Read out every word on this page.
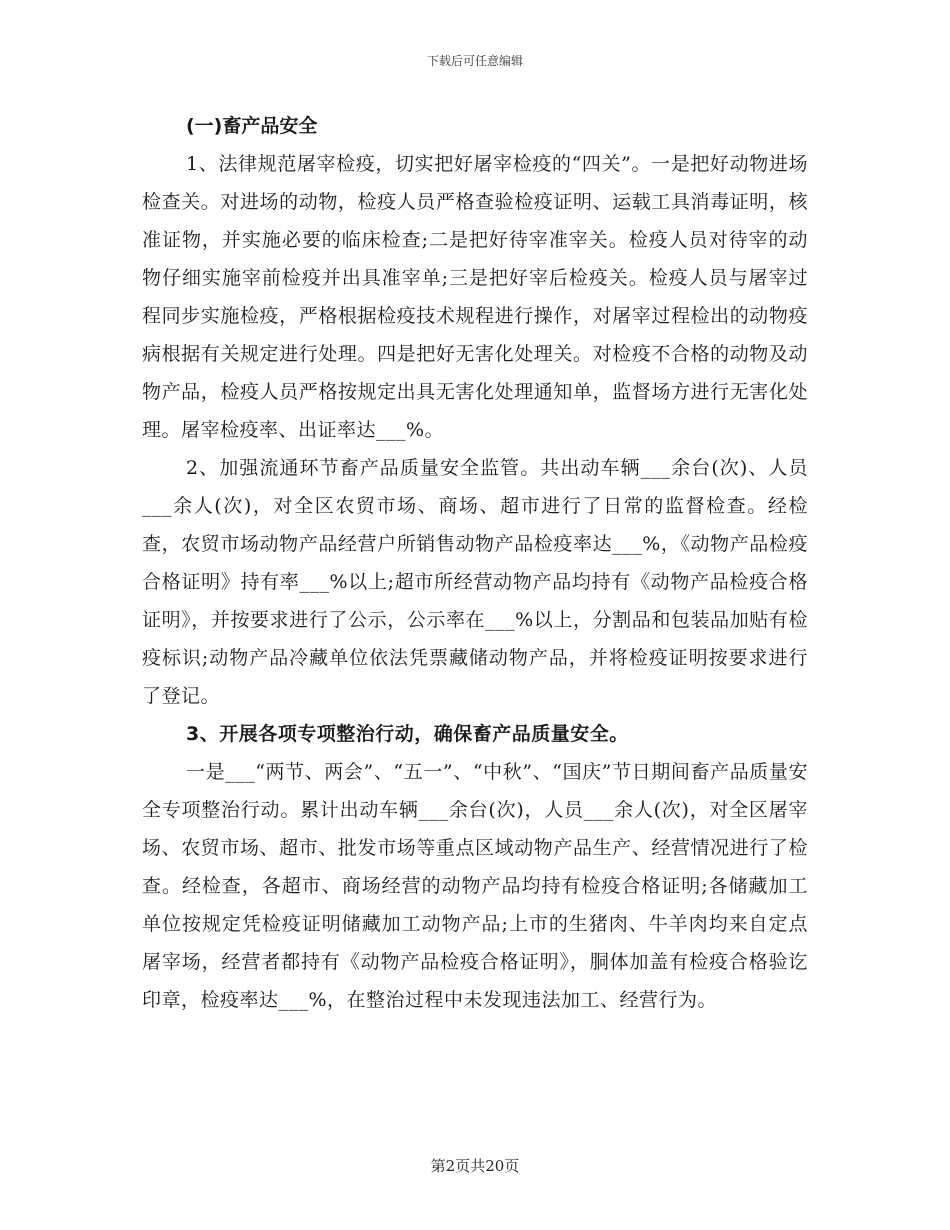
下载后可任意编辑

(一)畜产品安全

1、法律规范屠宰检疫，切实把好屠宰检疫的“四关”。一是把好动物进场检查关。对进场的动物，检疫人员严格查验检疫证明、运载工具消毒证明，核准证物，并实施必要的临床检查;二是把好待宰准宰关。检疫人员对待宰的动物仔细实施宰前检疫并出具准宰单;三是把好宰后检疫关。检疫人员与屠宰过程同步实施检疫，严格根据检疫技术规程进行操作，对屠宰过程检出的动物疫病根据有关规定进行处理。四是把好无害化处理关。对检疫不合格的动物及动物产品，检疫人员严格按规定出具无害化处理通知单，监督场方进行无害化处理。屠宰检疫率、出证率达___%。

2、加强流通环节畜产品质量安全监管。共出动车辆___余台(次)、人员___余人(次)，对全区农贸市场、商场、超市进行了日常的监督检查。经检查，农贸市场动物产品经营户所销售动物产品检疫率达___%，《动物产品检疫合格证明》持有率___%以上;超市所经营动物产品均持有《动物产品检疫合格证明》，并按要求进行了公示，公示率在___%以上，分割品和包装品加贴有检疫标识;动物产品冷藏单位依法凭票藏储动物产品，并将检疫证明按要求进行了登记。

3、开展各项专项整治行动，确保畜产品质量安全。

一是___“两节、两会”、“五一”、“中秋”、“国庆”节日期间畜产品质量安全专项整治行动。累计出动车辆___余台(次)，人员___余人(次)，对全区屠宰场、农贸市场、超市、批发市场等重点区域动物产品生产、经营情况进行了检查。经检查，各超市、商场经营的动物产品均持有检疫合格证明;各储藏加工单位按规定凭检疫证明储藏加工动物产品;上市的生猪肉、牛羊肉均来自定点屠宰场，经营者都持有《动物产品检疫合格证明》，胴体加盖有检疫合格验讫印章，检疫率达___%，在整治过程中未发现违法加工、经营行为。

第2页共20页
